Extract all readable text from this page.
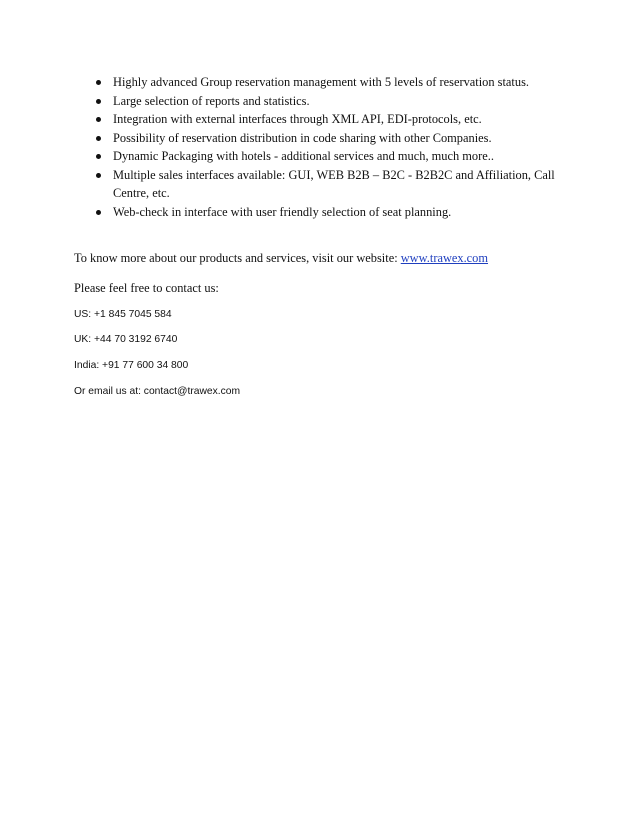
Highly advanced Group reservation management with 5 levels of reservation status.
Large selection of reports and statistics.
Integration with external interfaces through XML API, EDI-protocols, etc.
Possibility of reservation distribution in code sharing with other Companies.
Dynamic Packaging with hotels - additional services and much, much more..
Multiple sales interfaces available: GUI, WEB B2B – B2C - B2B2C and Affiliation, Call Centre, etc.
Web-check in interface with user friendly selection of seat planning.

To know more about our products and services, visit our website: www.trawex.com

Please feel free to contact us:

US: +1 845 7045 584

UK: +44 70 3192 6740

India: +91 77 600 34 800

Or email us at: contact@trawex.com
